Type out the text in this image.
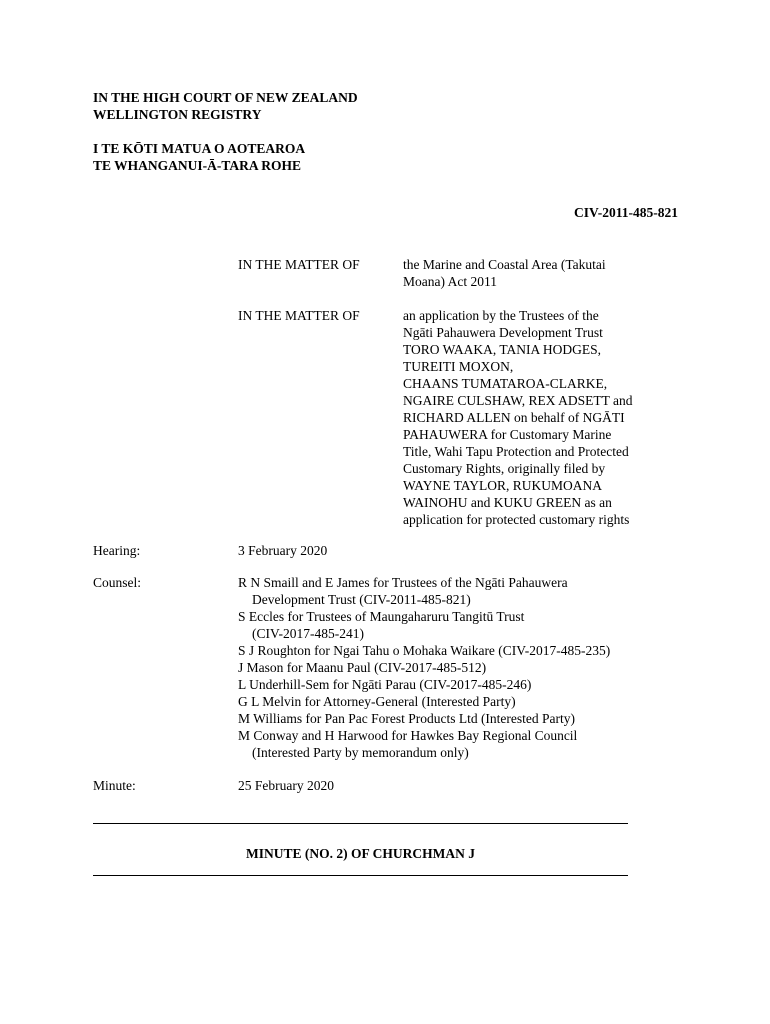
IN THE HIGH COURT OF NEW ZEALAND
WELLINGTON REGISTRY
I TE KŌTI MATUA O AOTEAROA
TE WHANGANUI-Ā-TARA ROHE
CIV-2011-485-821
IN THE MATTER OF	the Marine and Coastal Area (Takutai
Moana) Act 2011
IN THE MATTER OF	an application by the Trustees of the
Ngāti Pahauwera Development Trust
TORO WAAKA, TANIA HODGES,
TUREITI MOXON,
CHAANS TUMATAROA-CLARKE,
NGAIRE CULSHAW, REX ADSETT and
RICHARD ALLEN on behalf of NGĀTI
PAHAUWERA for Customary Marine
Title, Wahi Tapu Protection and Protected
Customary Rights, originally filed by
WAYNE TAYLOR, RUKUMOANA
WAINOHU and KUKU GREEN as an
application for protected customary rights
Hearing:	3 February 2020
Counsel:	R N Smaill and E James for Trustees of the Ngāti Pahauwera
Development Trust (CIV-2011-485-821)
S Eccles for Trustees of Maungaharuru Tangitū Trust
(CIV-2017-485-241)
S J Roughton for Ngai Tahu o Mohaka Waikare (CIV-2017-485-235)
J Mason for Maanu Paul (CIV-2017-485-512)
L Underhill-Sem for Ngāti Parau (CIV-2017-485-246)
G L Melvin for Attorney-General (Interested Party)
M Williams for Pan Pac Forest Products Ltd (Interested Party)
M Conway and H Harwood for Hawkes Bay Regional Council
(Interested Party by memorandum only)
Minute:	25 February 2020
MINUTE (NO. 2) OF CHURCHMAN J
